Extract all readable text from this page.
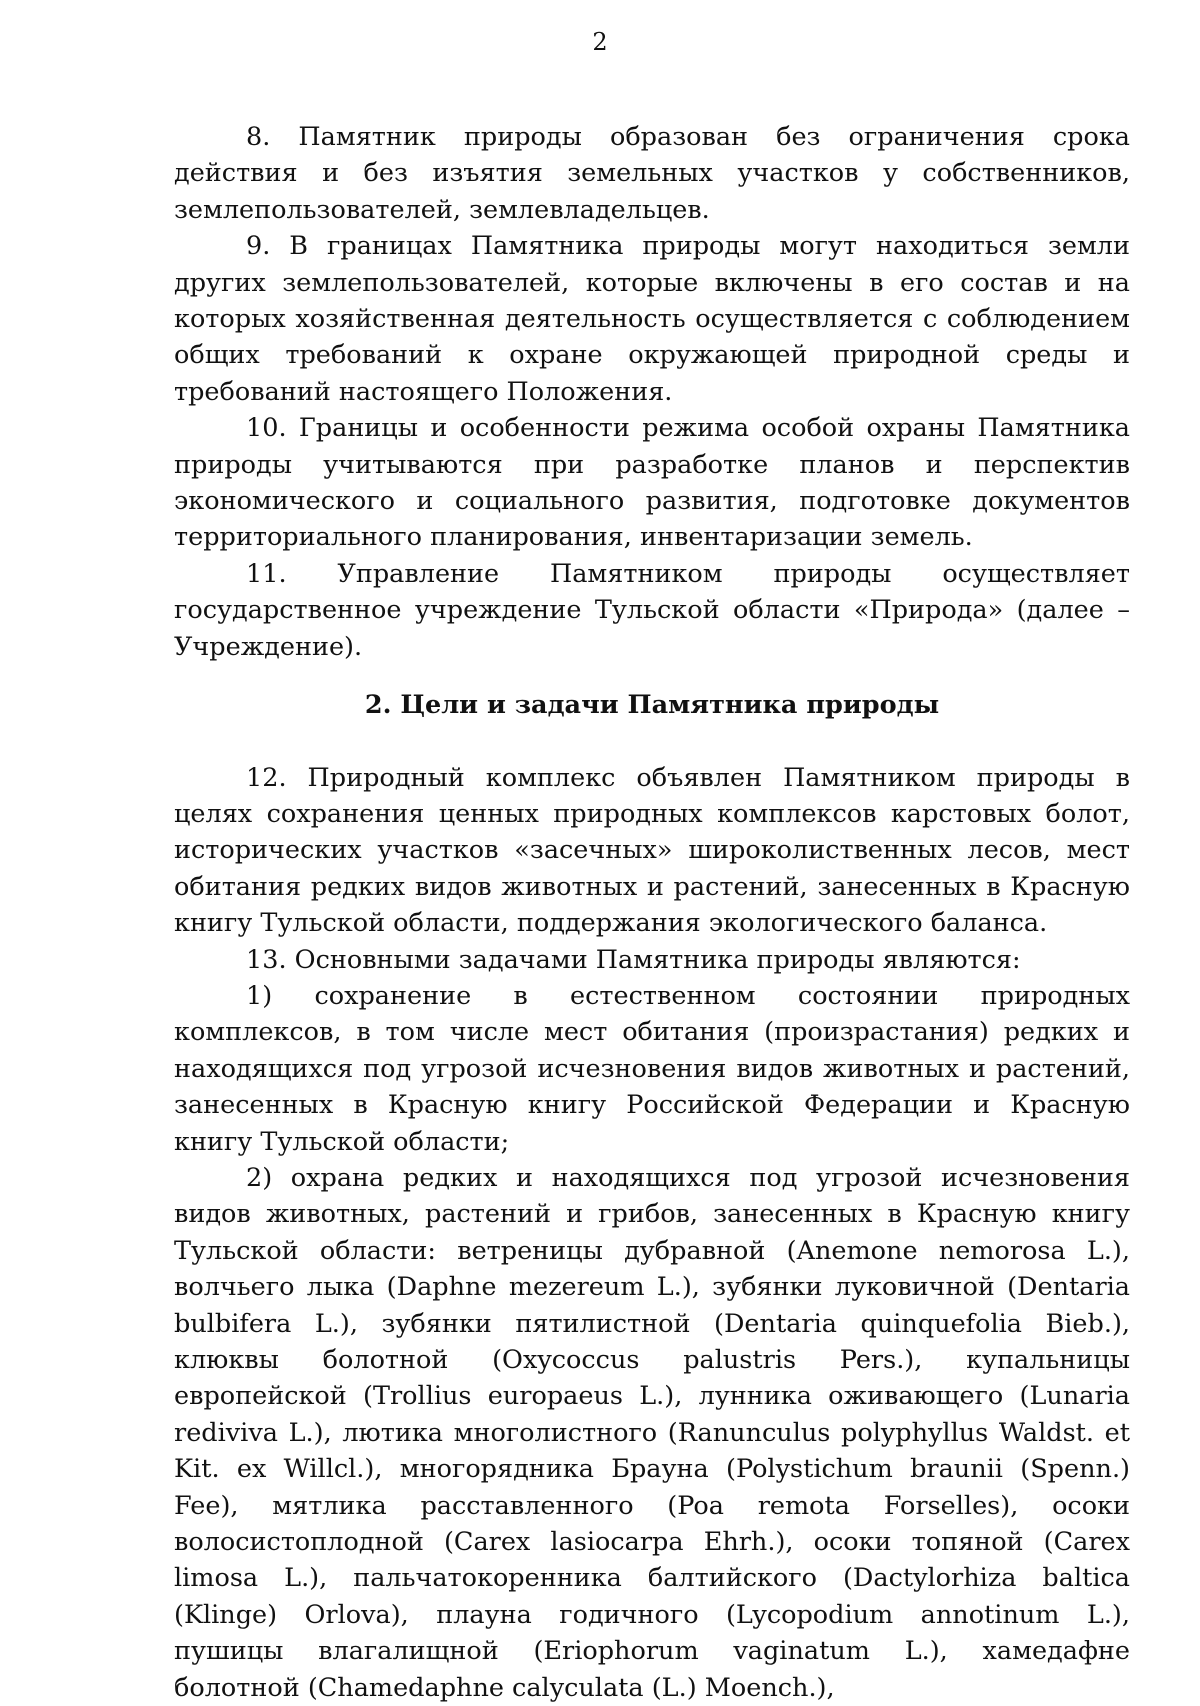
2

8. Памятник природы образован без ограничения срока действия и без изъятия земельных участков у собственников, землепользователей, землевладельцев.

9. В границах Памятника природы могут находиться земли других землепользователей, которые включены в его состав и на которых хозяйственная деятельность осуществляется с соблюдением общих требований к охране окружающей природной среды и требований настоящего Положения.

10. Границы и особенности режима особой охраны Памятника природы учитываются при разработке планов и перспектив экономического и социального развития, подготовке документов территориального планирования, инвентаризации земель.

11. Управление Памятником природы осуществляет государственное учреждение Тульской области «Природа» (далее – Учреждение).

2. Цели и задачи Памятника природы

12. Природный комплекс объявлен Памятником природы в целях сохранения ценных природных комплексов карстовых болот, исторических участков «засечных» широколиственных лесов, мест обитания редких видов животных и растений, занесенных в Красную книгу Тульской области, поддержания экологического баланса.

13. Основными задачами Памятника природы являются:

1) сохранение в естественном состоянии природных комплексов, в том числе мест обитания (произрастания) редких и находящихся под угрозой исчезновения видов животных и растений, занесенных в Красную книгу Российской Федерации и Красную книгу Тульской области;

2) охрана редких и находящихся под угрозой исчезновения видов животных, растений и грибов, занесенных в Красную книгу Тульской области: ветреницы дубравной (Anemone nemorosa L.), волчьего лыка (Daphne mezereum L.), зубянки луковичной (Dentaria bulbifera L.), зубянки пятилистной (Dentaria quinquefolia Bieb.), клюквы болотной (Oxycoccus palustris Pers.), купальницы европейской (Trollius europaeus L.), лунника оживающего (Lunaria rediviva L.), лютика многолистного (Ranunculus polyphyllus Waldst. et Kit. ex Willcl.), многорядника Брауна (Polystichum braunii (Spenn.) Fee), мятлика расставленного (Poa remota Forselles), осоки волосистоплодной (Carex lasiocarpa Ehrh.), осоки топяной (Carex limosa L.), пальчатокоренника балтийского (Dactylorhiza baltica (Klinge) Orlova), плауна годичного (Lycopodium annotinum L.), пушицы влагалищной (Eriophorum vaginatum L.), хамедафне болотной (Chamedaphne calyculata (L.) Moench.),
